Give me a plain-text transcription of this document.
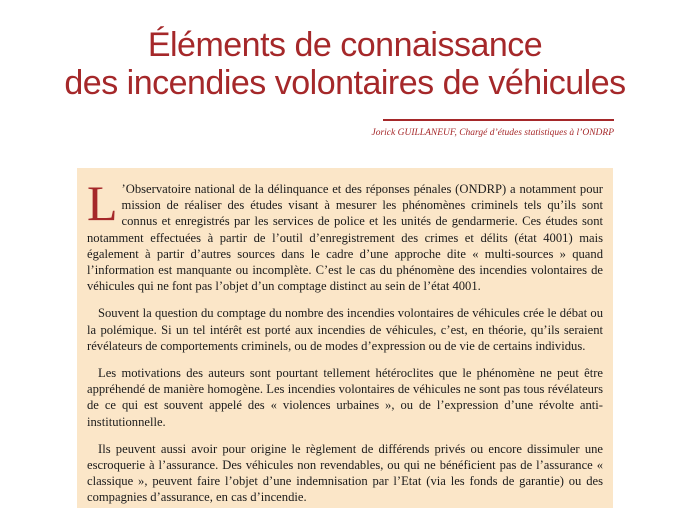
Éléments de connaissance
des incendies volontaires de véhicules
Jorick GUILLANEUF, Chargé d’études statistiques à l’ONDRP

L ’Observatoire national de la délinquance et des réponses pénales (ONDRP) a notamment pour mission de réaliser des études visant à mesurer les phénomènes criminels tels qu’ils sont connus et enregistrés par les services de police et les unités de gendarmerie. Ces études sont notamment effectuées à partir de l’outil d’enregistrement des crimes et délits (état 4001) mais également à partir d’autres sources dans le cadre d’une approche dite « multi-sources » quand l’information est manquante ou incomplète. C’est le cas du phénomène des incendies volontaires de véhicules qui ne font pas l’objet d’un comptage distinct au sein de l’état 4001.

Souvent la question du comptage du nombre des incendies volontaires de véhicules crée le débat ou la polémique. Si un tel intérêt est porté aux incendies de véhicules, c’est, en théorie, qu’ils seraient révélateurs de comportements criminels, ou de modes d’expression ou de vie de certains individus.

Les motivations des auteurs sont pourtant tellement hétéroclites que le phénomène ne peut être appréhendé de manière homogène. Les incendies volontaires de véhicules ne sont pas tous révélateurs de ce qui est souvent appelé des « violences urbaines », ou de l’expression d’une révolte anti-institutionnelle.

Ils peuvent aussi avoir pour origine le règlement de différends privés ou encore dissimuler une escroquerie à l’assurance. Des véhicules non revendables, ou qui ne bénéficient pas de l’assurance « classique », peuvent faire l’objet d’une indemnisation par l’Etat (via les fonds de garantie) ou des compagnies d’assurance, en cas d’incendie.
